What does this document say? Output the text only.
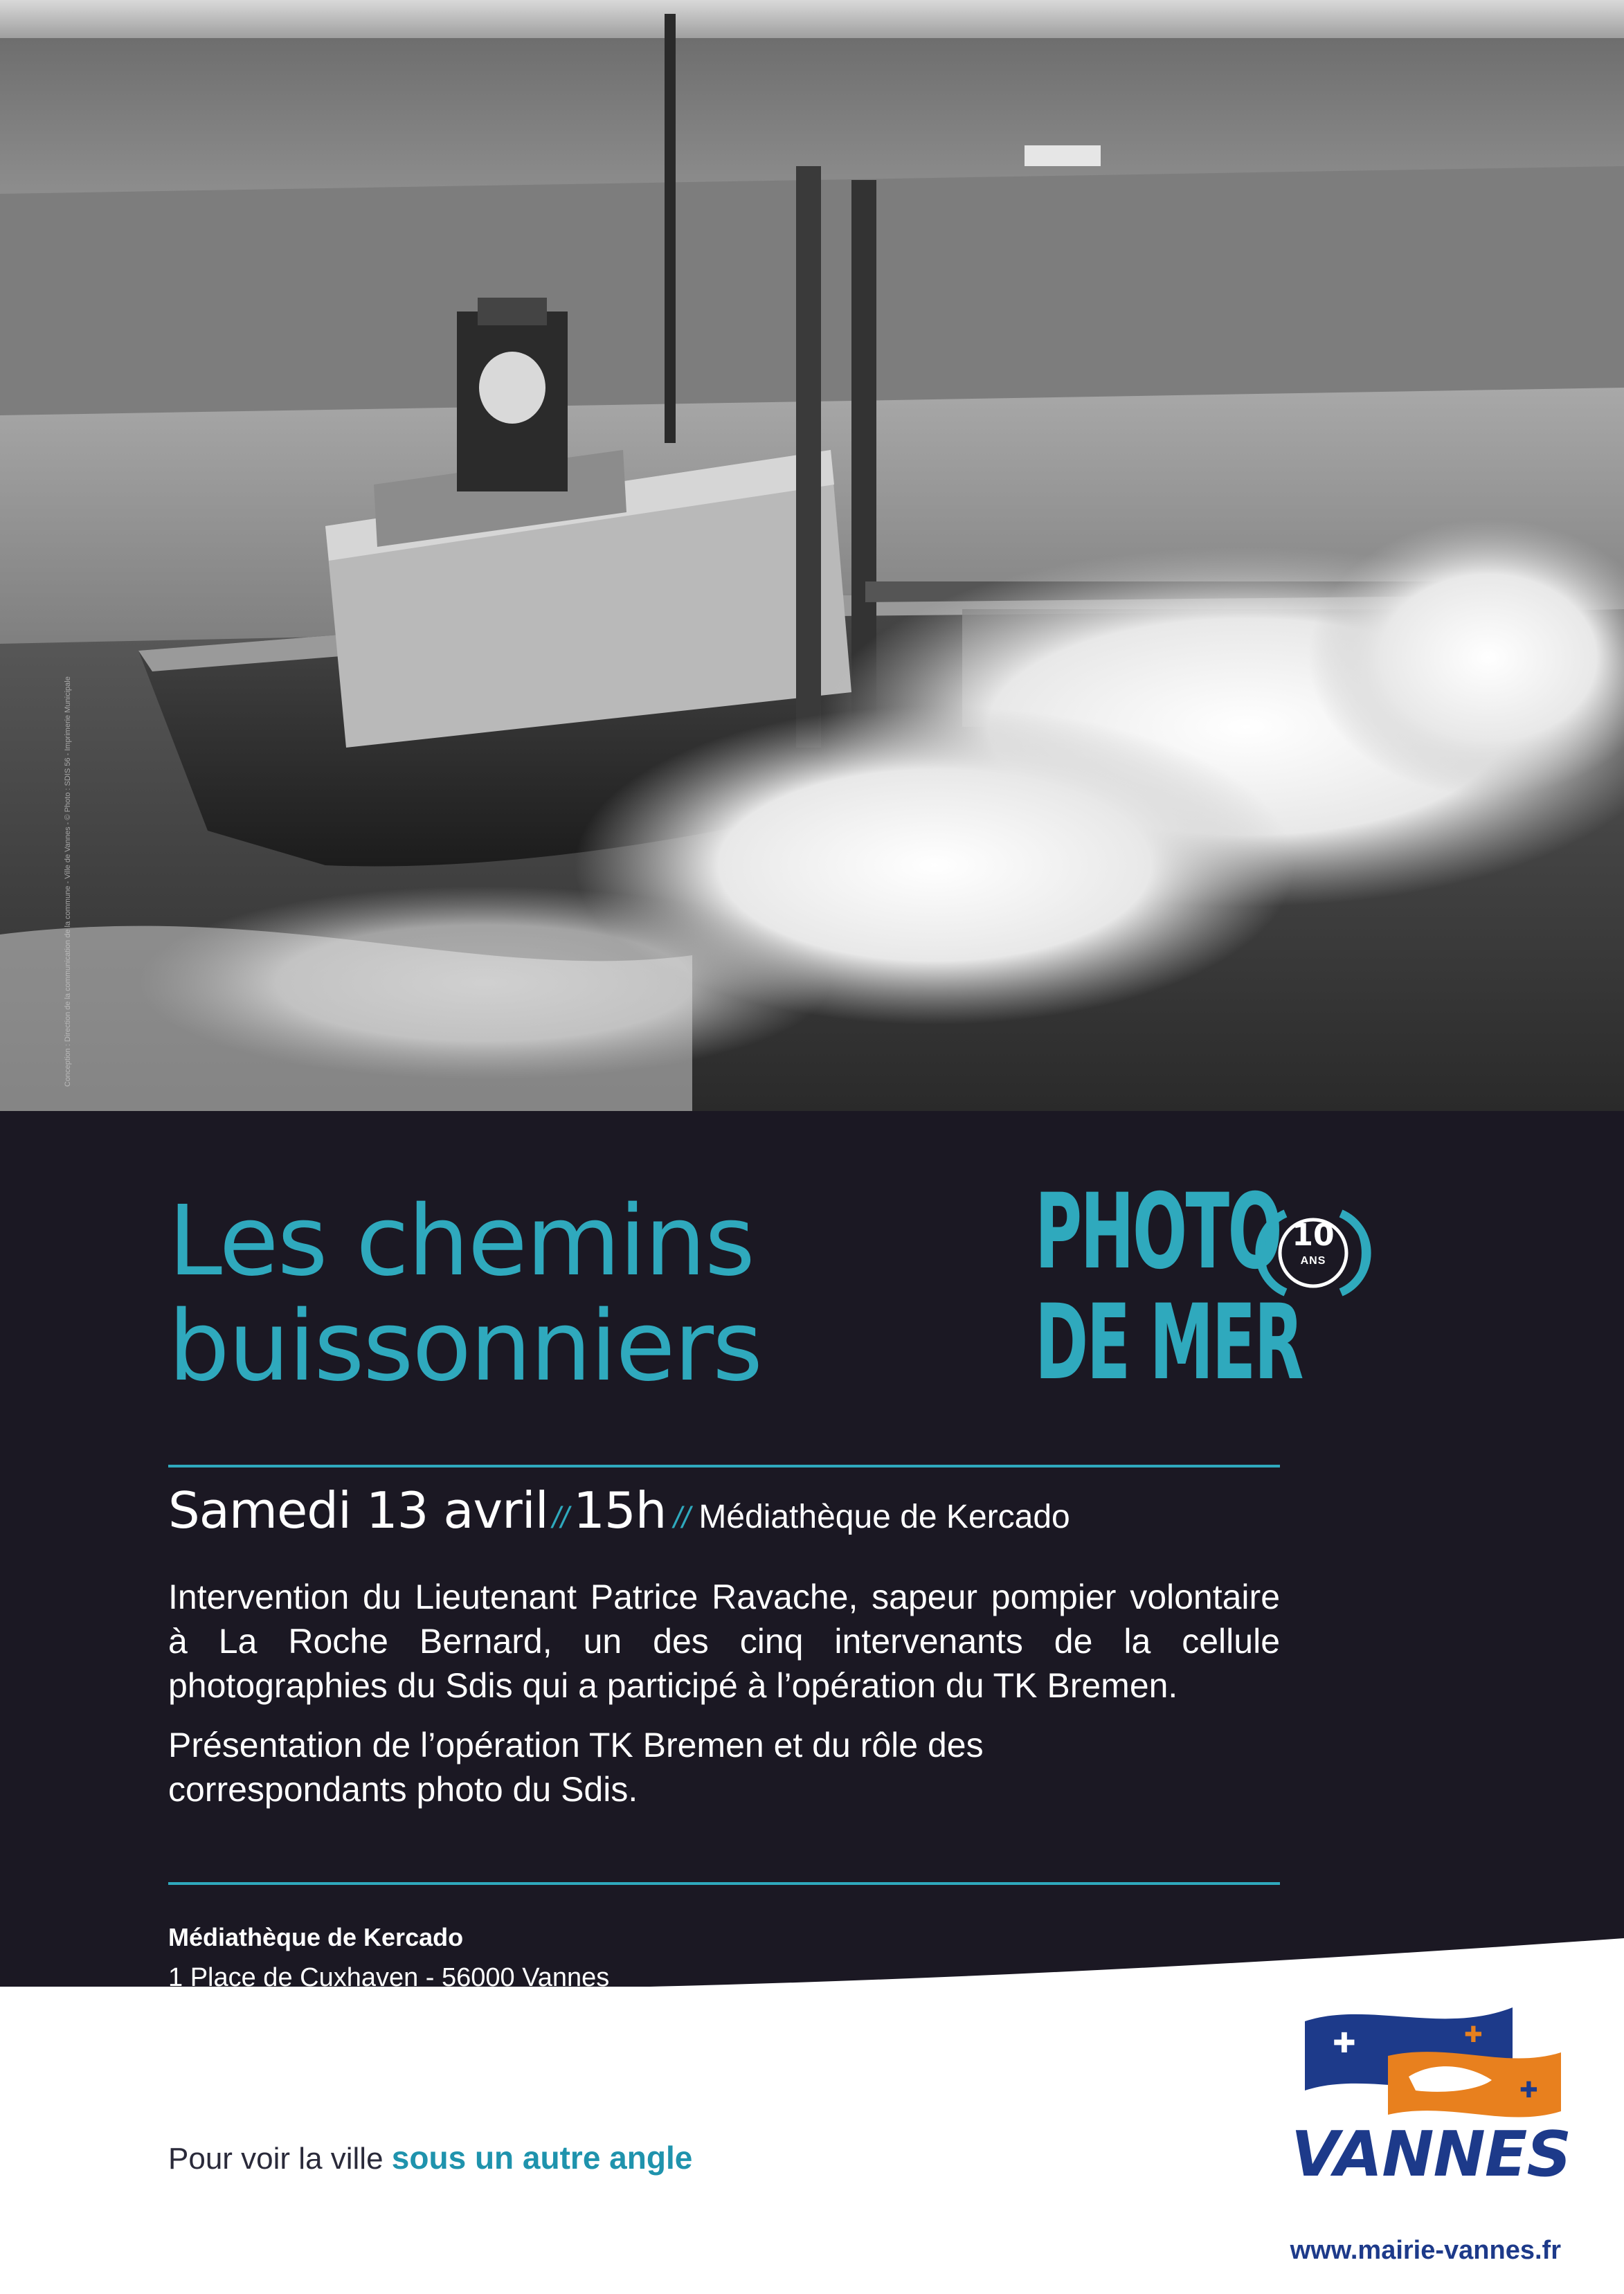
Conception : Direction de la communication de la commune - Ville de Vannes - © Photo : SDIS 56 - Imprimerie Municipale
Les chemins
buissonniers
PHOTO
DE MER
10
ANS
Samedi 13 avril //15h // Médiathèque de Kercado

Intervention du Lieutenant Patrice Ravache, sapeur pompier volontaire à La Roche Bernard, un des cinq intervenants de la cellule photographies du Sdis qui a participé à l’opération du TK Bremen.

Présentation de l’opération TK Bremen et du rôle des correspondants photo du Sdis.

Médiathèque de Kercado
1 Place de Cuxhaven - 56000 Vannes
Pour voir la ville sous un autre angle
✚	✚
✚
VANNES
www.mairie-vannes.fr
